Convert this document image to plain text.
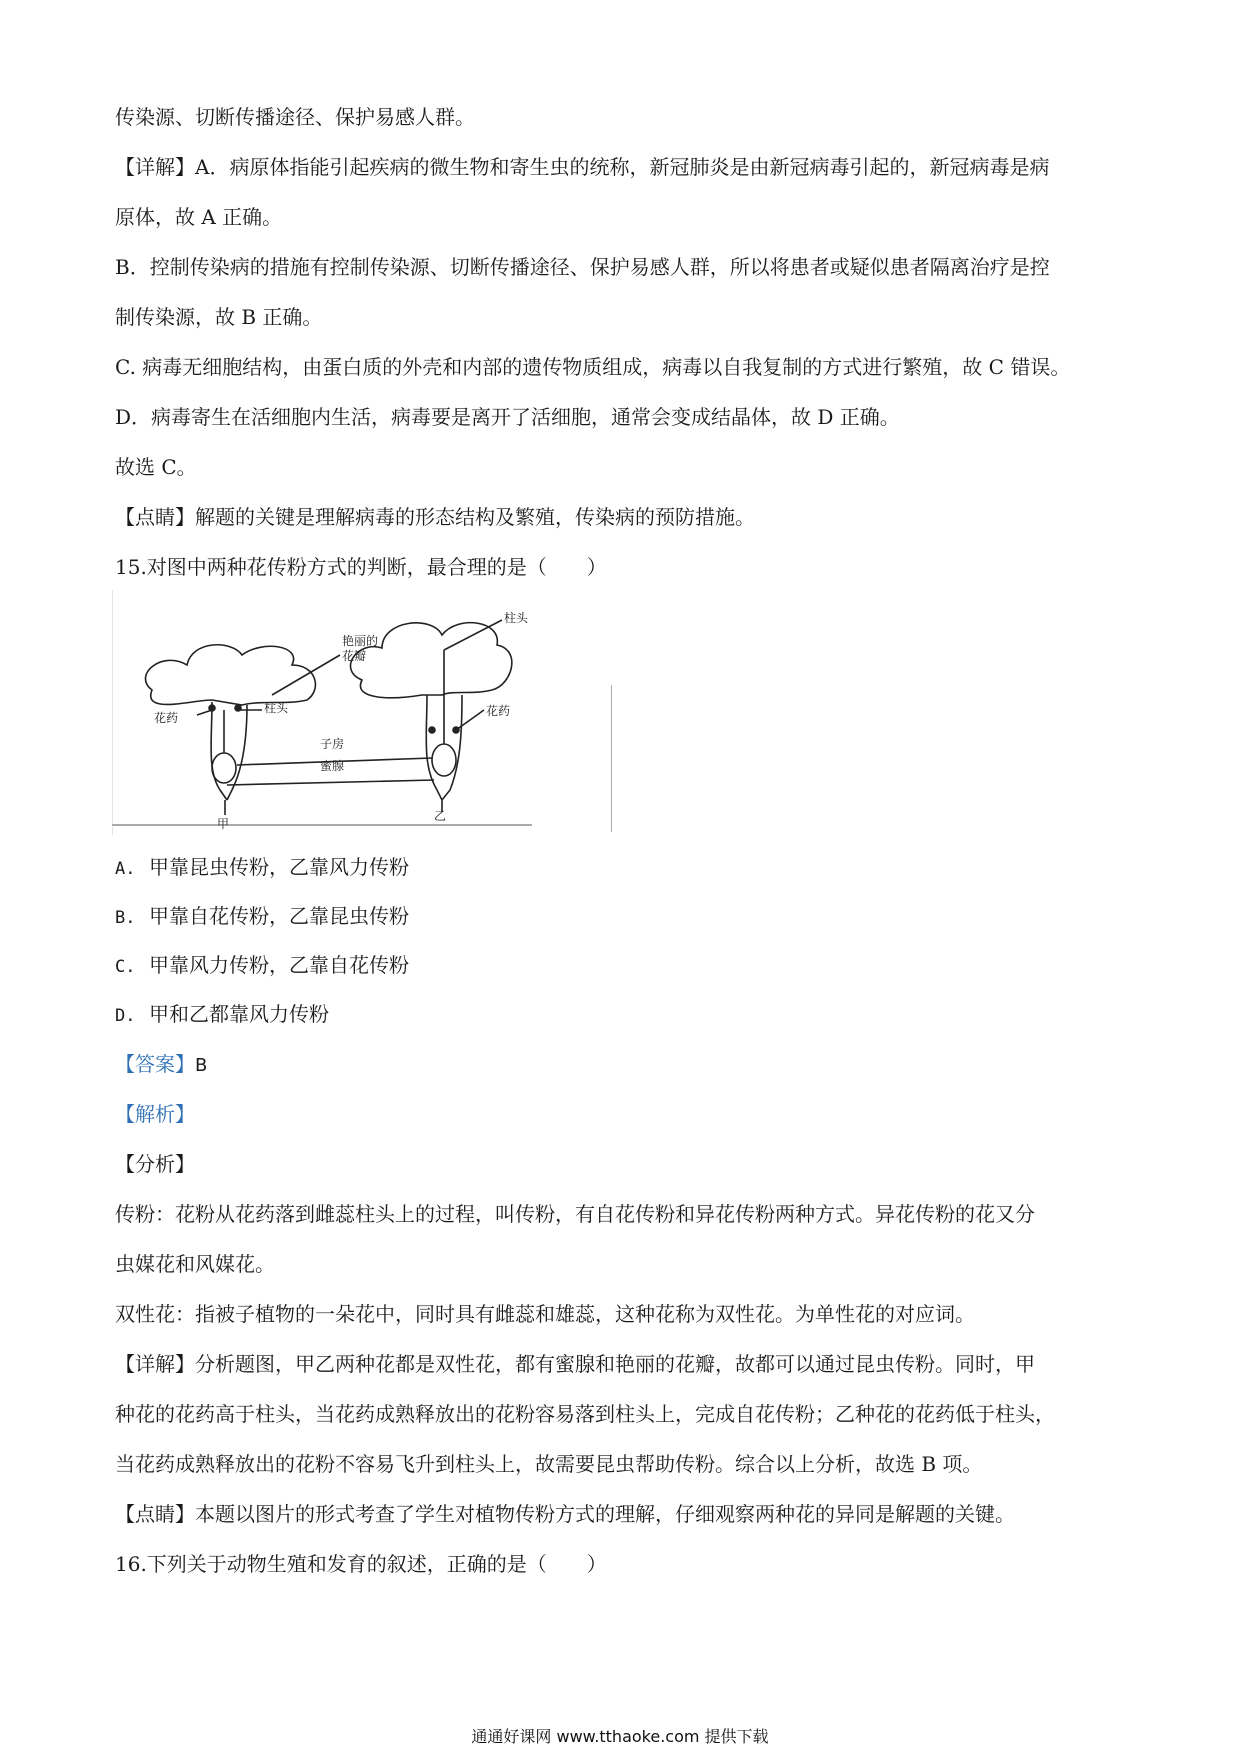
传染源、切断传播途径、保护易感人群。
【详解】A．病原体指能引起疾病的微生物和寄生虫的统称，新冠肺炎是由新冠病毒引起的，新冠病毒是病
原体，故 A 正确。
B．控制传染病的措施有控制传染源、切断传播途径、保护易感人群，所以将患者或疑似患者隔离治疗是控
制传染源，故 B 正确。
C. 病毒无细胞结构，由蛋白质的外壳和内部的遗传物质组成，病毒以自我复制的方式进行繁殖，故 C 错误。
D．病毒寄生在活细胞内生活，病毒要是离开了活细胞，通常会变成结晶体，故 D 正确。
故选 C。
【点睛】解题的关键是理解病毒的形态结构及繁殖，传染病的预防措施。
15.对图中两种花传粉方式的判断，最合理的是（　　）
艳丽的
花瓣
柱头
花药
柱头
子房
蜜腺
花药
甲
乙
A. 甲靠昆虫传粉，乙靠风力传粉
B. 甲靠自花传粉，乙靠昆虫传粉
C. 甲靠风力传粉，乙靠自花传粉
D. 甲和乙都靠风力传粉
【答案】B
【解析】
【分析】
传粉：花粉从花药落到雌蕊柱头上的过程，叫传粉，有自花传粉和异花传粉两种方式。异花传粉的花又分
虫媒花和风媒花。
双性花：指被子植物的一朵花中，同时具有雌蕊和雄蕊，这种花称为双性花。为单性花的对应词。
【详解】分析题图，甲乙两种花都是双性花，都有蜜腺和艳丽的花瓣，故都可以通过昆虫传粉。同时，甲
种花的花药高于柱头，当花药成熟释放出的花粉容易落到柱头上，完成自花传粉；乙种花的花药低于柱头，
当花药成熟释放出的花粉不容易飞升到柱头上，故需要昆虫帮助传粉。综合以上分析，故选 B 项。
【点睛】本题以图片的形式考查了学生对植物传粉方式的理解，仔细观察两种花的异同是解题的关键。
16.下列关于动物生殖和发育的叙述，正确的是（　　）
通通好课网 www.tthaoke.com 提供下载
